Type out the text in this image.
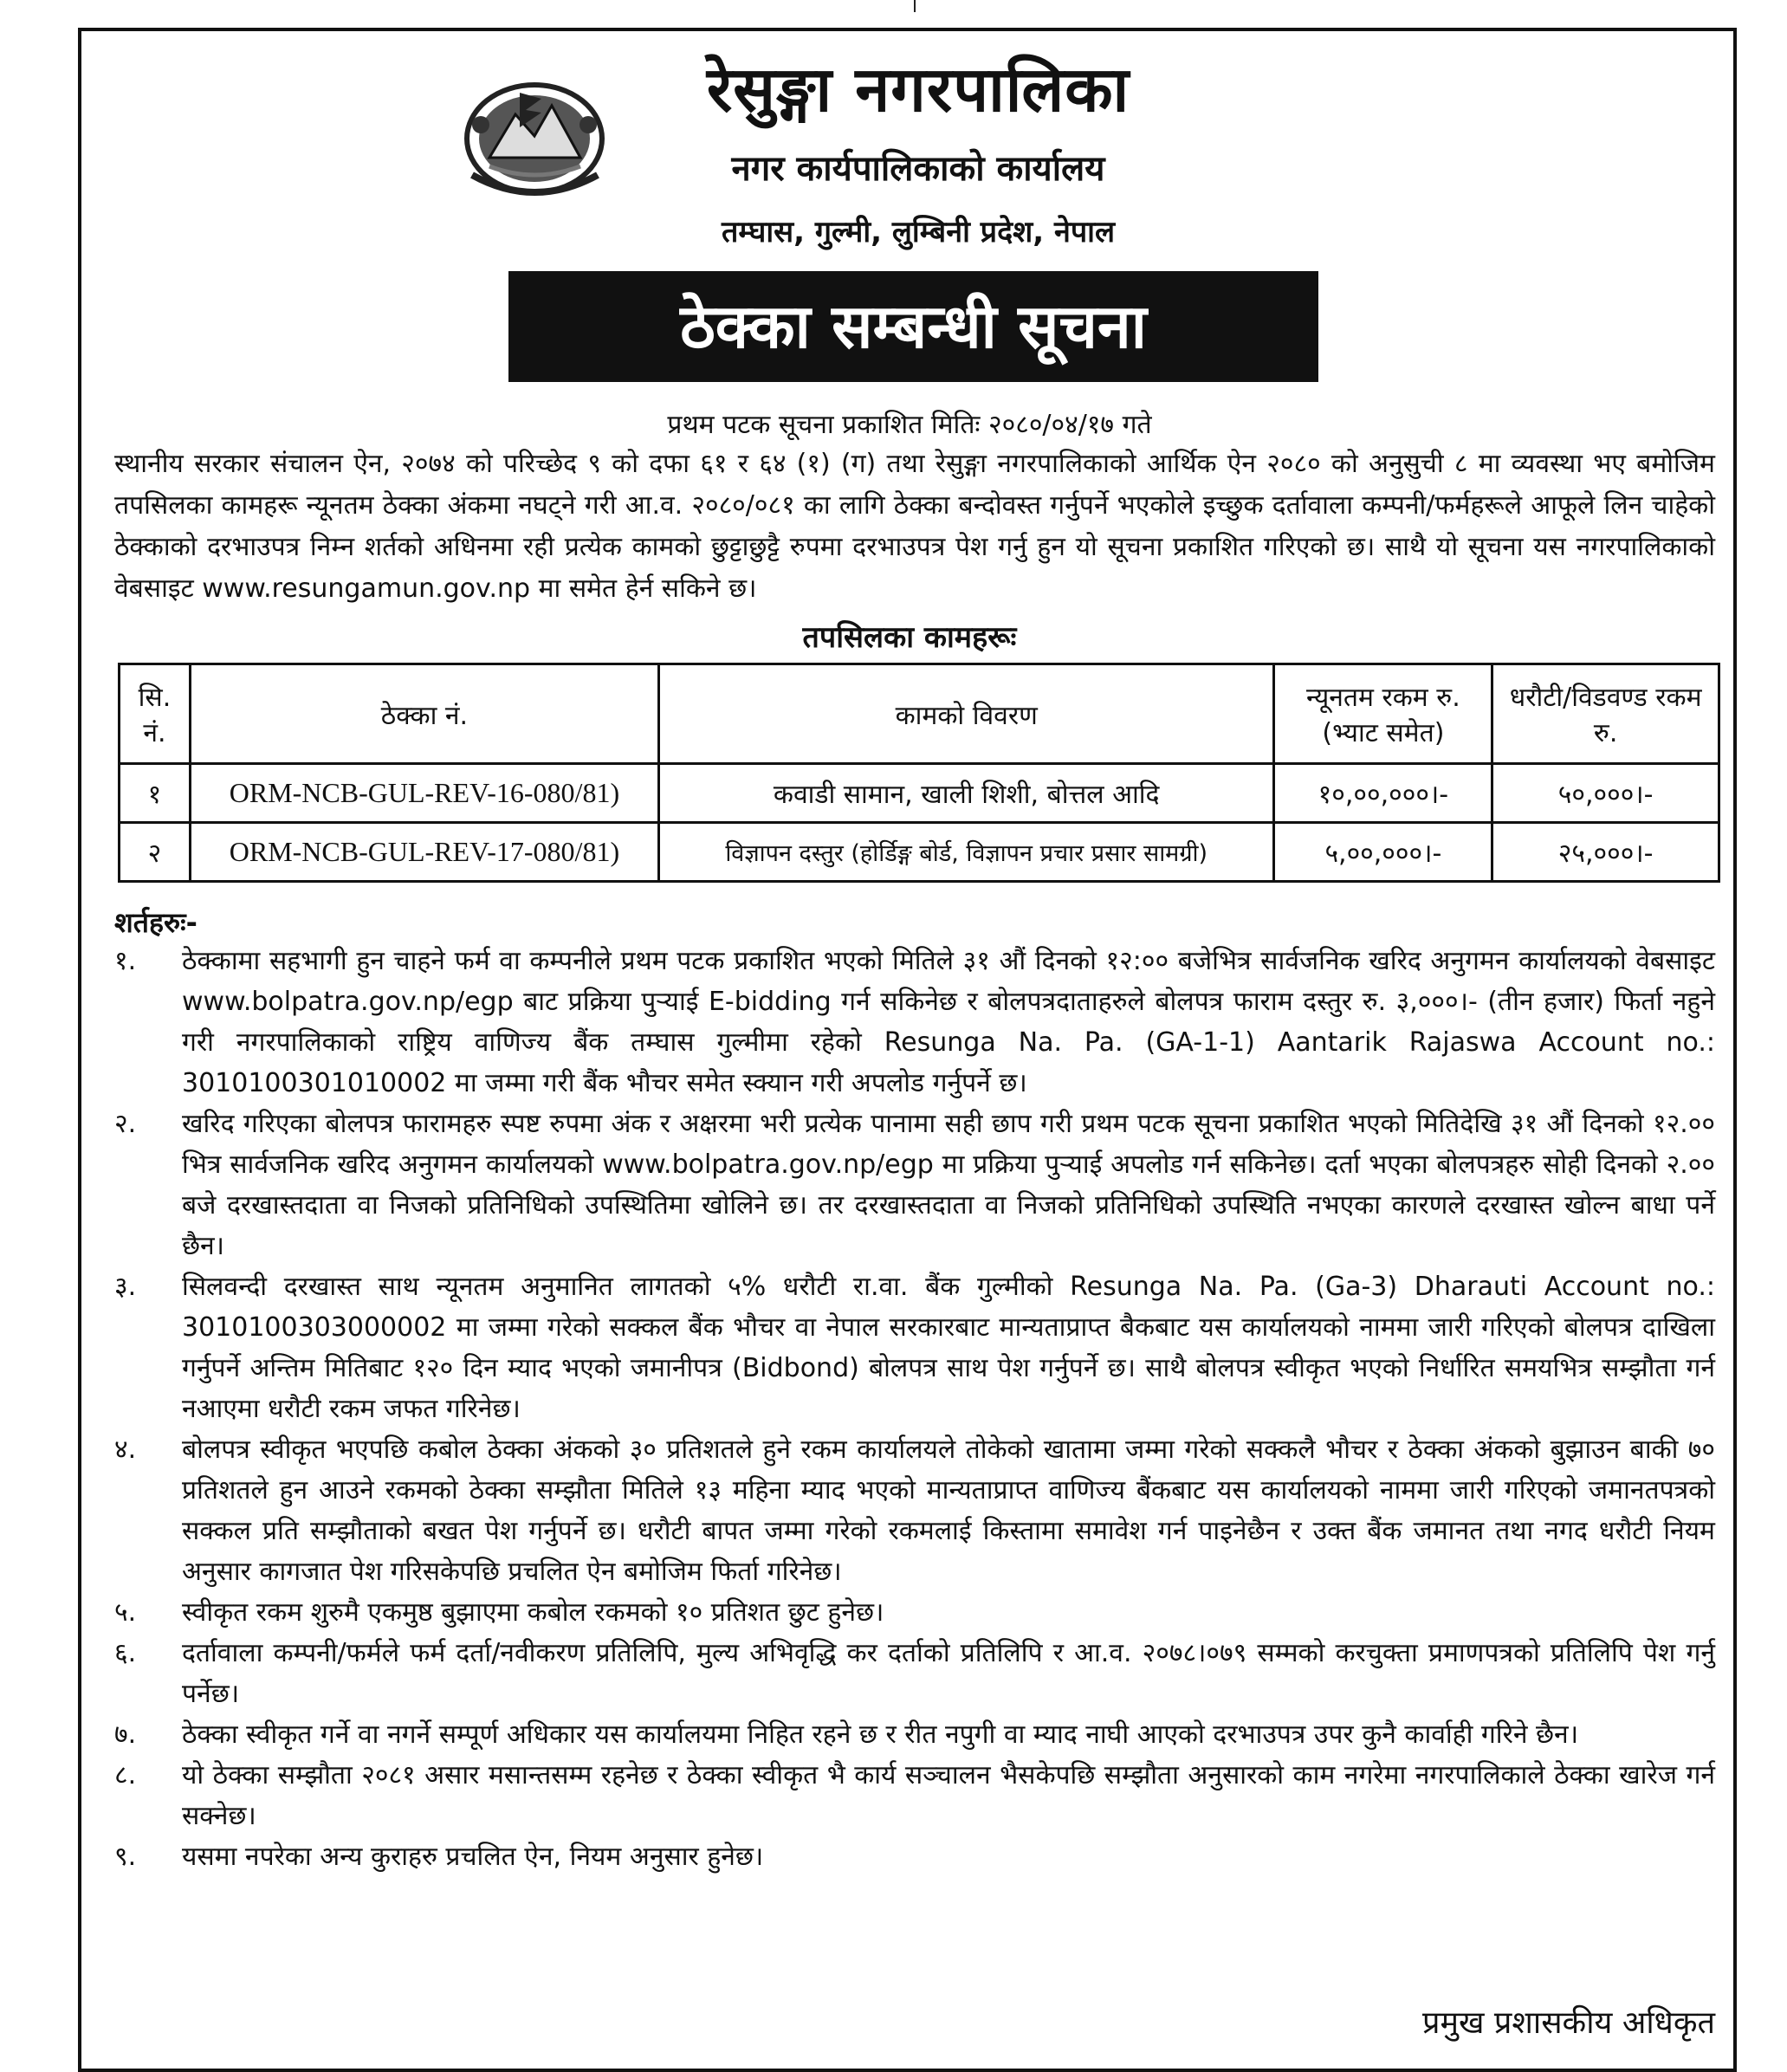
रेसुङ्गा नगरपालिका
नगर कार्यपालिकाको कार्यालय
तम्घास, गुल्मी, लुम्बिनी प्रदेश, नेपाल
ठेक्का सम्बन्धी सूचना
प्रथम पटक सूचना प्रकाशित मितिः २०८०/०४/१७ गते
स्थानीय सरकार संचालन ऐन, २०७४ को परिच्छेद ९ को दफा ६१ र ६४ (१) (ग) तथा रेसुङ्गा नगरपालिकाको आर्थिक ऐन २०८० को अनुसुची ८ मा व्यवस्था भए बमोजिम तपसिलका कामहरू न्यूनतम ठेक्का अंकमा नघट्ने गरी आ.व. २०८०/०८१ का लागि ठेक्का बन्दोवस्त गर्नुपर्ने भएकोले इच्छुक दर्तावाला कम्पनी/फर्महरूले आफूले लिन चाहेको ठेक्काको दरभाउपत्र निम्न शर्तको अधिनमा रही प्रत्येक कामको छुट्टाछुट्टै रुपमा दरभाउपत्र पेश गर्नु हुन यो सूचना प्रकाशित गरिएको छ। साथै यो सूचना यस नगरपालिकाको वेबसाइट www.resungamun.gov.np मा समेत हेर्न सकिने छ।
तपसिलका कामहरूः
सि. नं.	ठेक्का नं.	कामको विवरण	न्यूनतम रकम रु. (भ्याट समेत)	धरौटी/विडवण्ड रकम रु.
१	ORM-NCB-GUL-REV-16-080/81)	कवाडी सामान, खाली शिशी, बोत्तल आदि	१०,००,०००।-	५०,०००।-
२	ORM-NCB-GUL-REV-17-080/81)	विज्ञापन दस्तुर (होर्डिङ्ग बोर्ड, विज्ञापन प्रचार प्रसार सामग्री)	५,००,०००।-	२५,०००।-
शर्तहरुः-
१.	ठेक्कामा सहभागी हुन चाहने फर्म वा कम्पनीले प्रथम पटक प्रकाशित भएको मितिले ३१ औं दिनको १२:०० बजेभित्र सार्वजनिक खरिद अनुगमन कार्यालयको वेबसाइट www.bolpatra.gov.np/egp बाट प्रक्रिया पुऱ्याई E-bidding गर्न सकिनेछ र बोलपत्रदाताहरुले बोलपत्र फाराम दस्तुर रु. ३,०००।- (तीन हजार) फिर्ता नहुने गरी नगरपालिकाको राष्ट्रिय वाणिज्य बैंक तम्घास गुल्मीमा रहेको Resunga Na. Pa. (GA-1-1) Aantarik Rajaswa Account no.: 3010100301010002 मा जम्मा गरी बैंक भौचर समेत स्क्यान गरी अपलोड गर्नुपर्ने छ।
२.	खरिद गरिएका बोलपत्र फारामहरु स्पष्ट रुपमा अंक र अक्षरमा भरी प्रत्येक पानामा सही छाप गरी प्रथम पटक सूचना प्रकाशित भएको मितिदेखि ३१ औं दिनको १२.०० भित्र सार्वजनिक खरिद अनुगमन कार्यालयको www.bolpatra.gov.np/egp मा प्रक्रिया पुऱ्याई अपलोड गर्न सकिनेछ। दर्ता भएका बोलपत्रहरु सोही दिनको २.०० बजे दरखास्तदाता वा निजको प्रतिनिधिको उपस्थितिमा खोलिने छ। तर दरखास्तदाता वा निजको प्रतिनिधिको उपस्थिति नभएका कारणले दरखास्त खोल्न बाधा पर्ने छैन।
३.	सिलवन्दी दरखास्त साथ न्यूनतम अनुमानित लागतको ५% धरौटी रा.वा. बैंक गुल्मीको Resunga Na. Pa. (Ga-3) Dharauti Account no.: 3010100303000002 मा जम्मा गरेको सक्कल बैंक भौचर वा नेपाल सरकारबाट मान्यताप्राप्त बैकबाट यस कार्यालयको नाममा जारी गरिएको बोलपत्र दाखिला गर्नुपर्ने अन्तिम मितिबाट १२० दिन म्याद भएको जमानीपत्र (Bidbond) बोलपत्र साथ पेश गर्नुपर्ने छ। साथै बोलपत्र स्वीकृत भएको निर्धारित समयभित्र सम्झौता गर्न नआएमा धरौटी रकम जफत गरिनेछ।
४.	बोलपत्र स्वीकृत भएपछि कबोल ठेक्का अंकको ३० प्रतिशतले हुने रकम कार्यालयले तोकेको खातामा जम्मा गरेको सक्कलै भौचर र ठेक्का अंकको बुझाउन बाकी ७० प्रतिशतले हुन आउने रकमको ठेक्का सम्झौता मितिले १३ महिना म्याद भएको मान्यताप्राप्त वाणिज्य बैंकबाट यस कार्यालयको नाममा जारी गरिएको जमानतपत्रको सक्कल प्रति सम्झौताको बखत पेश गर्नुपर्ने छ। धरौटी बापत जम्मा गरेको रकमलाई किस्तामा समावेश गर्न पाइनेछैन र उक्त बैंक जमानत तथा नगद धरौटी नियम अनुसार कागजात पेश गरिसकेपछि प्रचलित ऐन बमोजिम फिर्ता गरिनेछ।
५.	स्वीकृत रकम शुरुमै एकमुष्ठ बुझाएमा कबोल रकमको १० प्रतिशत छुट हुनेछ।
६.	दर्तावाला कम्पनी/फर्मले फर्म दर्ता/नवीकरण प्रतिलिपि, मुल्य अभिवृद्धि कर दर्ताको प्रतिलिपि र आ.व. २०७८।०७९ सम्मको करचुक्ता प्रमाणपत्रको प्रतिलिपि पेश गर्नु पर्नेछ।
७.	ठेक्का स्वीकृत गर्ने वा नगर्ने सम्पूर्ण अधिकार यस कार्यालयमा निहित रहने छ र रीत नपुगी वा म्याद नाघी आएको दरभाउपत्र उपर कुनै कार्वाही गरिने छैन।
८.	यो ठेक्का सम्झौता २०८१ असार मसान्तसम्म रहनेछ र ठेक्का स्वीकृत भै कार्य सञ्चालन भैसकेपछि सम्झौता अनुसारको काम नगरेमा नगरपालिकाले ठेक्का खारेज गर्न सक्नेछ।
९.	यसमा नपरेका अन्य कुराहरु प्रचलित ऐन, नियम अनुसार हुनेछ।
प्रमुख प्रशासकीय अधिकृत
